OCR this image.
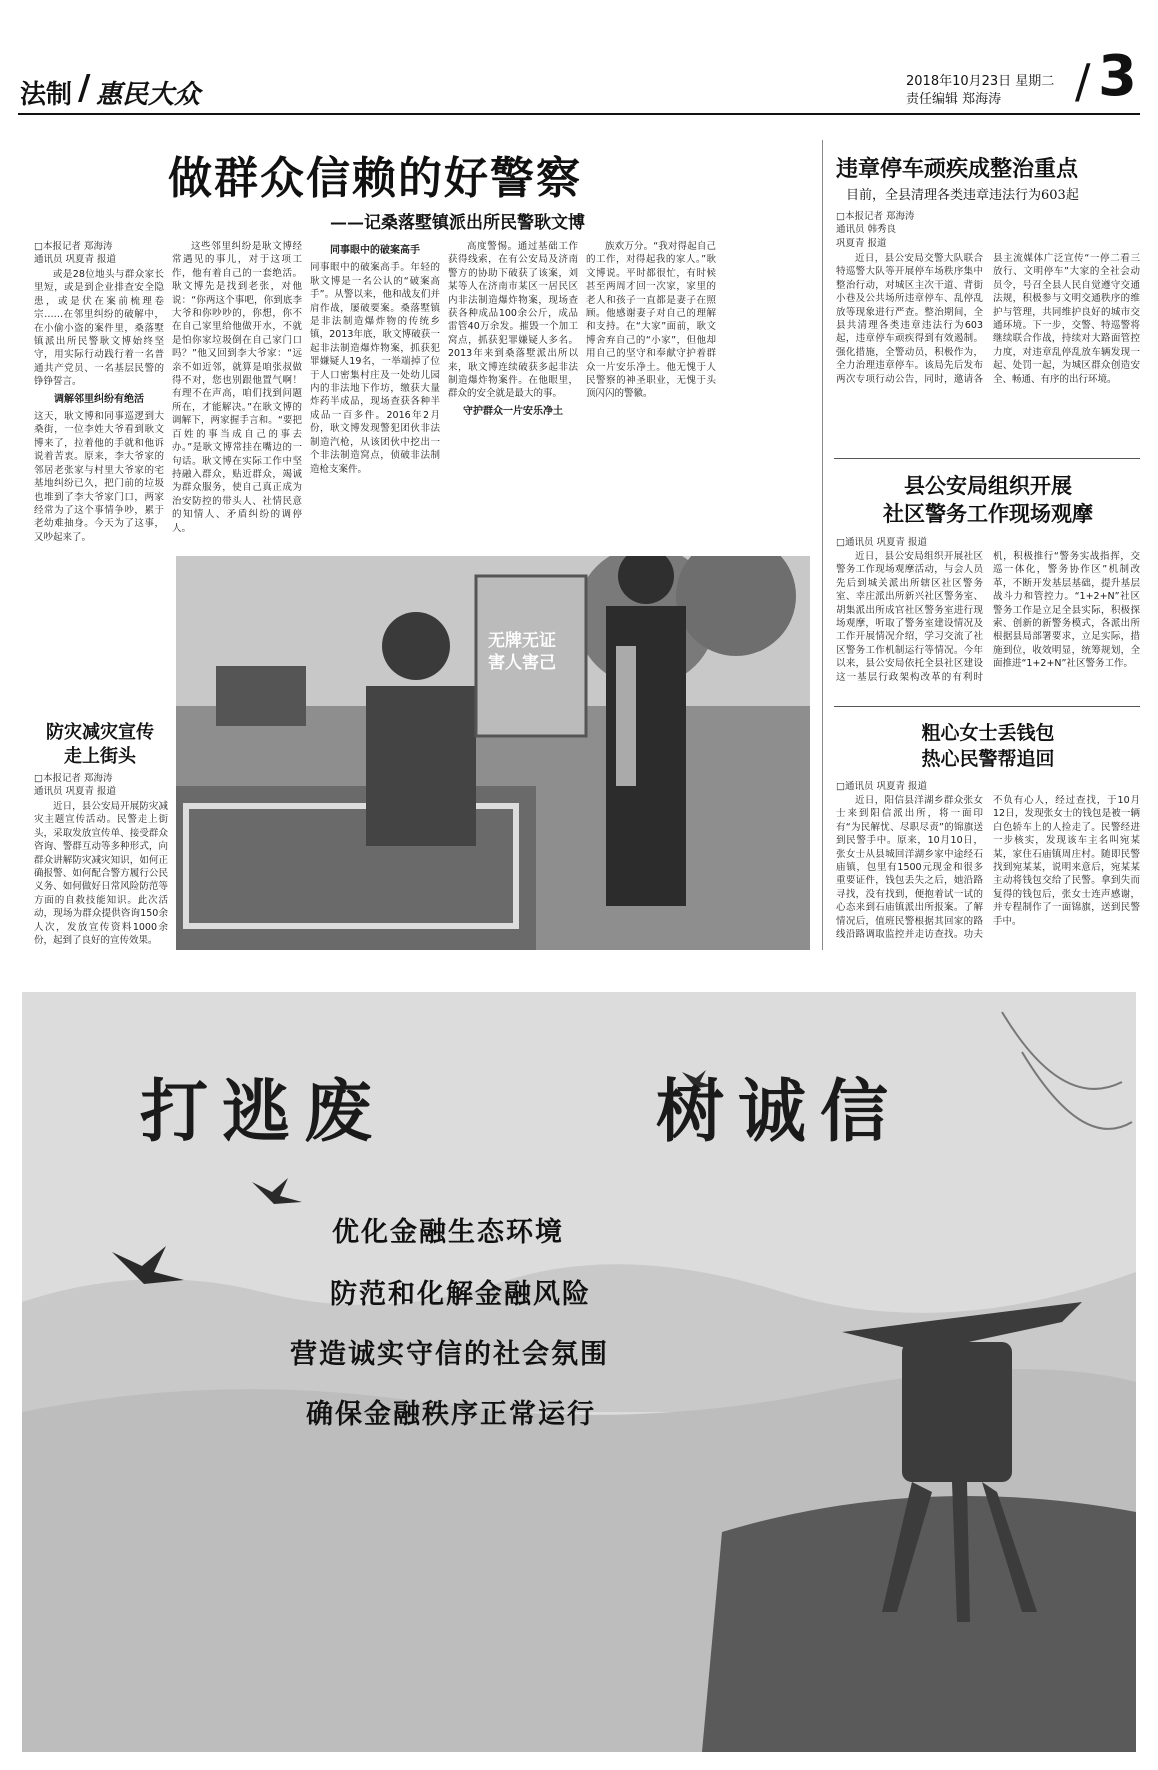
法制 / 惠民大众	2018年10月23日 星期二
责任编辑 郑海涛 / 3
做群众信赖的好警察
——记桑落墅镇派出所民警耿文博
□本报记者 郑海涛
通讯员 巩夏青 报道
或是28位地头与群众家长里短，或是到企业排查安全隐患，或是伏在案前梳理卷宗……在邻里纠纷的破解中，在小偷小盗的案件里，桑落墅镇派出所民警耿文博始终坚守，用实际行动践行着一名普通共产党员、一名基层民警的铮铮誓言。
调解邻里纠纷有绝活
这天，耿文博和同事巡逻到大桑街，一位李姓大爷看到耿文博来了，拉着他的手就和他诉说着苦衷。原来，李大爷家的邻居老张家与村里大爷家的宅基地纠纷已久，把门前的垃圾也堆到了李大爷家门口，两家经常为了这个事情争吵，累于老幼难抽身。今天为了这事，又吵起来了。
这些邻里纠纷是耿文博经常遇见的事儿，对于这项工作，他有着自己的一套绝活。耿文博先是找到老张，对他说：“你两这个事吧，你到底李大爷和你吵吵的，你想，你不在自己家里给他做开水，不就是怕你家垃圾倒在自己家门口吗？”他又回到李大爷家：“远亲不如近邻，就算是咱张叔做得不对，您也别跟他置气啊！有理不在声高，咱们找到问题所在，才能解决。”在耿文博的调解下，两家握手言和。“要把百姓的事当成自己的事去办。”是耿文博常挂在嘴边的一句话。耿文博在实际工作中坚持融入群众，贴近群众，竭诚为群众服务，使自己真正成为治安防控的带头人、社情民意的知情人、矛盾纠纷的调停人。
同事眼中的破案高手
同事眼中的破案高手。年轻的耿文博是一名公认的“破案高手”。从警以来，他和战友们并肩作战，屡破要案。桑落墅镇是非法制造爆炸物的传统乡镇，2013年底，耿文博破获一起非法制造爆炸物案，抓获犯罪嫌疑人19名，一举端掉了位于人口密集村庄及一处幼儿园内的非法地下作坊，缴获大量炸药半成品，现场查获各种半成品一百多件。2016年2月份，耿文博发现警犯团伙非法制造汽枪，从该团伙中挖出一个非法制造窝点，侦破非法制造枪支案件。
高度警惕。通过基础工作获得线索，在有公安局及济南警方的协助下破获了该案，刘某等人在济南市某区一居民区内非法制造爆炸物案，现场查获各种成品100余公斤，成品雷管40万余发。摧毁一个加工窝点，抓获犯罪嫌疑人多名。2013年来到桑落墅派出所以来，耿文博连续破获多起非法制造爆炸物案件。在他眼里，群众的安全就是最大的事。
守护群众一片安乐净土
族欢万分。“我对得起自己的工作，对得起我的家人。”耿文博说。平时都很忙，有时候甚至两周才回一次家，家里的老人和孩子一直都是妻子在照顾。他感谢妻子对自己的理解和支持。在“大家”面前，耿文博舍弃自己的“小家”，但他却用自己的坚守和奉献守护着群众一片安乐净土。他无愧于人民警察的神圣职业，无愧于头顶闪闪的警徽。
无牌无证
害人害己
防灾减灾宣传
走上街头
□本报记者 郑海涛
通讯员 巩夏青 报道
近日，县公安局开展防灾减灾主题宣传活动。民警走上街头，采取发放宣传单、接受群众咨询、警群互动等多种形式，向群众讲解防灾减灾知识，如何正确报警、如何配合警方履行公民义务、如何做好日常风险防范等方面的自救技能知识。此次活动，现场为群众提供咨询150余人次，发放宣传资料1000余份，起到了良好的宣传效果。
违章停车顽疾成整治重点
目前，全县清理各类违章违法行为603起
□本报记者 郑海涛
通讯员 韩秀良
巩夏青 报道
近日，县公安局交警大队联合特巡警大队等开展停车场秩序集中整治行动，对城区主次干道、背街小巷及公共场所违章停车、乱停乱放等现象进行严查。整治期间，全县共清理各类违章违法行为603起，违章停车顽疾得到有效遏制。强化措施，全警动员，积极作为，全力治理违章停车。该局先后发布两次专项行动公告，同时，邀请各县主流媒体广泛宣传“一停二看三放行、文明停车”大家的全社会动员令，号召全县人民自觉遵守交通法规，积极参与文明交通秩序的维护与管理，共同维护良好的城市交通环境。下一步，交警、特巡警将继续联合作战，持续对大路面管控力度，对违章乱停乱放车辆发现一起、处罚一起，为城区群众创造安全、畅通、有序的出行环境。
县公安局组织开展
社区警务工作现场观摩
□通讯员 巩夏青 报道
近日，县公安局组织开展社区警务工作现场观摩活动，与会人员先后到城关派出所辖区社区警务室、幸庄派出所新兴社区警务室、胡集派出所成官社区警务室进行现场观摩，听取了警务室建设情况及工作开展情况介绍，学习交流了社区警务工作机制运行等情况。今年以来，县公安局依托全县社区建设这一基层行政架构改革的有利时机，积极推行“警务实战指挥，交巡一体化，警务协作区”机制改革，不断开发基层基础，提升基层战斗力和管控力。“1+2+N”社区警务工作是立足全县实际，积极探索、创新的新警务模式，各派出所根据县局部署要求，立足实际，措施到位，收效明显，统筹规划，全面推进“1+2+N”社区警务工作。
粗心女士丢钱包
热心民警帮追回
□通讯员 巩夏青 报道
近日，阳信县洋湖乡群众张女士来到阳信派出所，将一面印有“为民解忧、尽职尽责”的锦旗送到民警手中。原来，10月10日，张女士从县城回洋湖乡家中途经石庙镇，包里有1500元现金和很多重要证件，钱包丢失之后，她沿路寻找，没有找到，便抱着试一试的心态来到石庙镇派出所报案。了解情况后，值班民警根据其回家的路线沿路调取监控并走访查找。功夫不负有心人，经过查找，于10月12日，发现张女士的钱包是被一辆白色轿车上的人捡走了。民警经进一步核实，发现该车主名叫宛某某，家住石庙镇周庄村。随即民警找到宛某某，说明来意后，宛某某主动将钱包交给了民警。拿到失而复得的钱包后，张女士连声感谢，并专程制作了一面锦旗，送到民警手中。
打逃废	树诚信
优化金融生态环境
防范和化解金融风险
营造诚实守信的社会氛围
确保金融秩序正常运行
